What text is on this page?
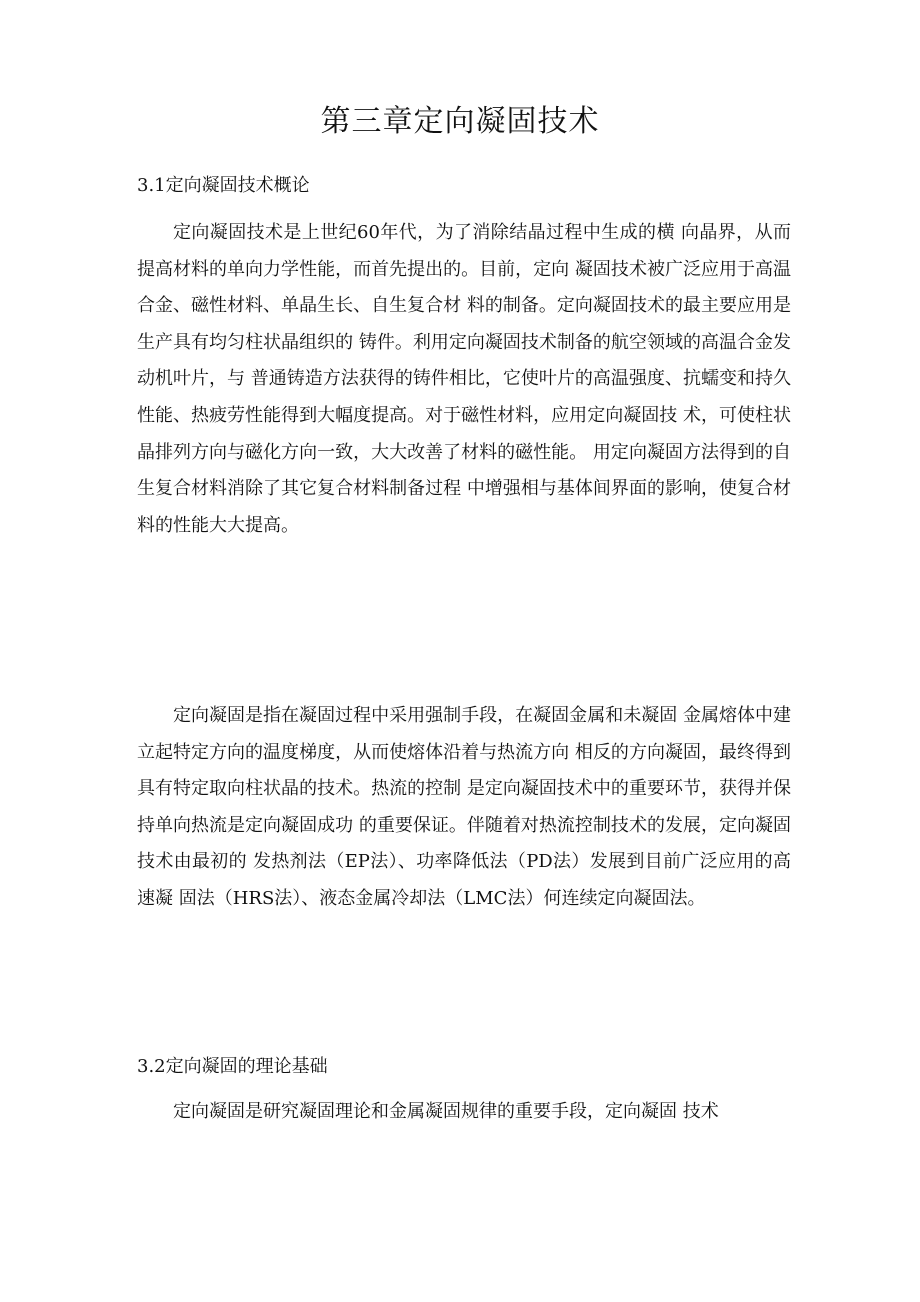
第三章定向凝固技术
3.1定向凝固技术概论

定向凝固技术是上世纪60年代，为了消除结晶过程中生成的横 向晶界，从而提高材料的单向力学性能，而首先提出的。目前，定向 凝固技术被广泛应用于高温合金、磁性材料、单晶生长、自生复合材 料的制备。定向凝固技术的最主要应用是生产具有均匀柱状晶组织的 铸件。利用定向凝固技术制备的航空领域的高温合金发动机叶片，与 普通铸造方法获得的铸件相比，它使叶片的高温强度、抗蠕变和持久 性能、热疲劳性能得到大幅度提高。对于磁性材料，应用定向凝固技 术，可使柱状晶排列方向与磁化方向一致，大大改善了材料的磁性能。 用定向凝固方法得到的自生复合材料消除了其它复合材料制备过程 中增强相与基体间界面的影响，使复合材料的性能大大提高。

定向凝固是指在凝固过程中采用强制手段，在凝固金属和未凝固 金属熔体中建立起特定方向的温度梯度，从而使熔体沿着与热流方向 相反的方向凝固，最终得到具有特定取向柱状晶的技术。热流的控制 是定向凝固技术中的重要环节，获得并保持单向热流是定向凝固成功 的重要保证。伴随着对热流控制技术的发展，定向凝固技术由最初的 发热剂法（EP法）、功率降低法（PD法）发展到目前广泛应用的高速凝 固法（HRS法）、液态金属冷却法（LMC法）何连续定向凝固法。

3.2定向凝固的理论基础

定向凝固是研究凝固理论和金属凝固规律的重要手段，定向凝固 技术
